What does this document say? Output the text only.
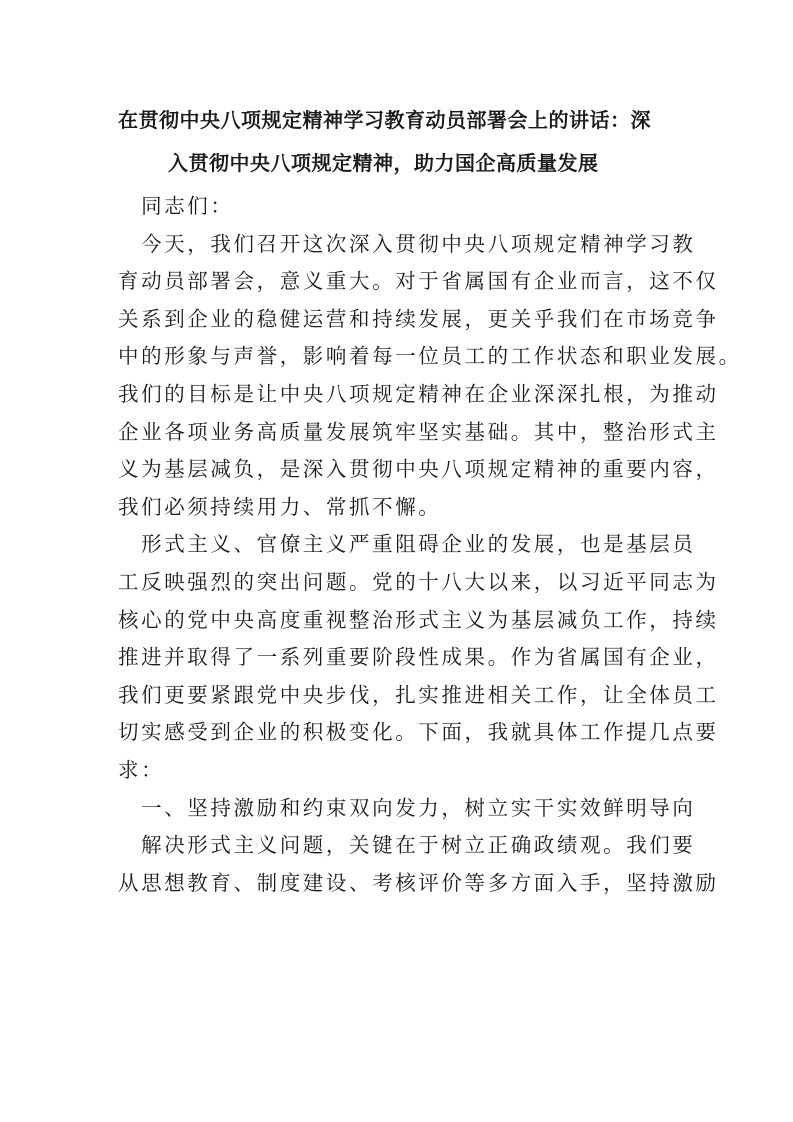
在贯彻中央八项规定精神学习教育动员部署会上的讲话：深
入贯彻中央八项规定精神，助力国企高质量发展
　同志们：
　今天，我们召开这次深入贯彻中央八项规定精神学习教
育动员部署会，意义重大。对于省属国有企业而言，这不仅
关系到企业的稳健运营和持续发展，更关乎我们在市场竞争
中的形象与声誉，影响着每一位员工的工作状态和职业发展。
我们的目标是让中央八项规定精神在企业深深扎根，为推动
企业各项业务高质量发展筑牢坚实基础。其中，整治形式主
义为基层减负，是深入贯彻中央八项规定精神的重要内容，
我们必须持续用力、常抓不懈。
　形式主义、官僚主义严重阻碍企业的发展，也是基层员
工反映强烈的突出问题。党的十八大以来，以习近平同志为
核心的党中央高度重视整治形式主义为基层减负工作，持续
推进并取得了一系列重要阶段性成果。作为省属国有企业，
我们更要紧跟党中央步伐，扎实推进相关工作，让全体员工
切实感受到企业的积极变化。下面，我就具体工作提几点要
求：
　一、坚持激励和约束双向发力，树立实干实效鲜明导向
　解决形式主义问题，关键在于树立正确政绩观。我们要
从思想教育、制度建设、考核评价等多方面入手，坚持激励
